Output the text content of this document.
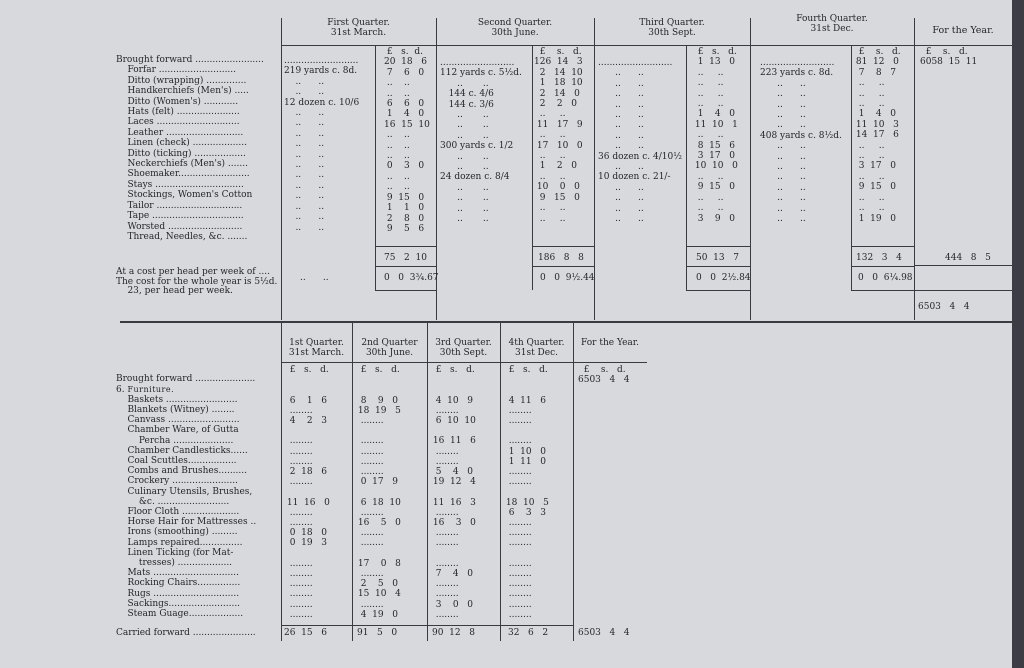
First Quarter.
31st March.
Second Quarter.
30th June.
Third Quarter.
30th Sept.
Fourth Quarter.
31st Dec.	For the Year.
Brought forward ........................
Forfar ...........................
Ditto (wrapping) ..............
Handkerchiefs (Men's) .....
Ditto (Women's) ............
Hats (felt) ......................
Laces .............................
Leather ...........................
Linen (check) ...................
Ditto (ticking) ..................
Neckerchiefs (Men's) .......
Shoemaker.........................
Stays ...............................
Stockings, Women's Cotton
Tailor ..............................
Tape ................................
Worsted ..........................
Thread, Needles, &c. .......
At a cost per head per week of ....
The cost for the whole year is 5½d.
23, per head per week.
..........................
219 yards c. 8d.
..      ..
..      ..
12 dozen c. 10/6
..      ..
..      ..
..      ..
..      ..
..      ..
..      ..
..      ..
..      ..
..      ..
..      ..
..      ..
..      ..
£   s.  d.
20  18   6
7    6   0
..    ..
..    ..
6    6   0
1    4   0
16  15  10
..    ..
..    ..
..    ..
0    3   0
..    ..
..    ..
9  15   0
1    1   0
2    8   0
9    5   6
75   2  10
0   0  3¾.67
..      ..
..........................
112 yards c. 5½d.
..       ..
144 c. 4/6
144 c. 3/6
..       ..
..       ..
..       ..
300 yards c. 1/2
..       ..
..       ..
24 dozen c. 8/4
..       ..
..       ..
..       ..
..       ..
£    s.   d.
126  14   3
2   14  10
1   18  10
2   14   0
2    2   0
..     ..
11   17   9
..     ..
17   10   0
..     ..
1    2   0
..     ..
10    0   0
9   15   0
..     ..
..     ..
186   8   8
0   0  9½.44
..........................
..      ..
..      ..
..      ..
..      ..
..      ..
..      ..
..      ..
..      ..
36 dozen c. 4/10½
..      ..
10 dozen c. 21/-
..      ..
..      ..
..      ..
..      ..
£   s.   d.
1  13   0
..     ..
..     ..
..     ..
..     ..
1    4   0
11  10   1
..     ..
8  15   6
3  17   0
10  10   0
..     ..
9  15   0
..     ..
..     ..
3    9   0
50  13   7
0   0  2½.84
..........................
223 yards c. 8d.
..      ..
..      ..
..      ..
..      ..
..      ..
408 yards c. 8½d.
..      ..
..      ..
..      ..
..      ..
..      ..
..      ..
..      ..
..      ..
£    s.   d.
81  12   0
7    8   7
..     ..
..     ..
..     ..
1    4   0
11  10   3
14  17   6
..     ..
..     ..
3  17   0
..     ..
9  15   0
..     ..
..     ..
1  19   0
132   3   4
0   0  6¼.98
£    s.   d.
6058  15  11
444   8   5
6503   4   4
1st Quarter.
31st March.
2nd Quarter
30th June.
3rd Quarter.
30th Sept.
4th Quarter.
31st Dec.
For the Year.

Brought forward .....................
6. Furniture.
Baskets .........................
Blankets (Witney) ........
Canvass .........................
Chamber Ware, of Gutta
Percha .....................
Chamber Candlesticks......
Coal Scuttles.................
Combs and Brushes..........
Crockery .......................
Culinary Utensils, Brushes,
&c. .........................
Floor Cloth ....................
Horse Hair for Mattresses ..
Irons (smoothing) .........
Lamps repaired...............
Linen Ticking (for Mat-
tresses) ...................
Mats ..............................
Rocking Chairs...............
Rugs ..............................
Sackings.........................
Steam Guage...................
Carried forward ......................
£   s.   d.

6    1   6
........
4    2   3

........
........
........
2  18   6
........

11  16   0
........
........
0  18   0
0  19   3

........
........
........
........
........
........
26  15   6
£   s.   d.

8    9   0
18  19   5
........

........
........
........
........
0  17   9

6  18  10
........
16    5   0
........
........

17    0   8
........
2    5   0
15  10   4
........
4  19   0
91   5   0
£   s.   d.

4  10   9
........
6  10  10

16  11   6
........
........
5    4   0
19  12   4

11  16   3
........
16    3   0
........
........

........
7    4   0
........
........
3    0   0
........
90  12   8
£   s.   d.

4  11   6
........
........

........
1  10   0
1  11   0
........
........

18  10   5
6    3   3
........
........
........

........
........
........
........
........
........
32   6   2
£    s.   d.
6503   4   4
6503   4   4
